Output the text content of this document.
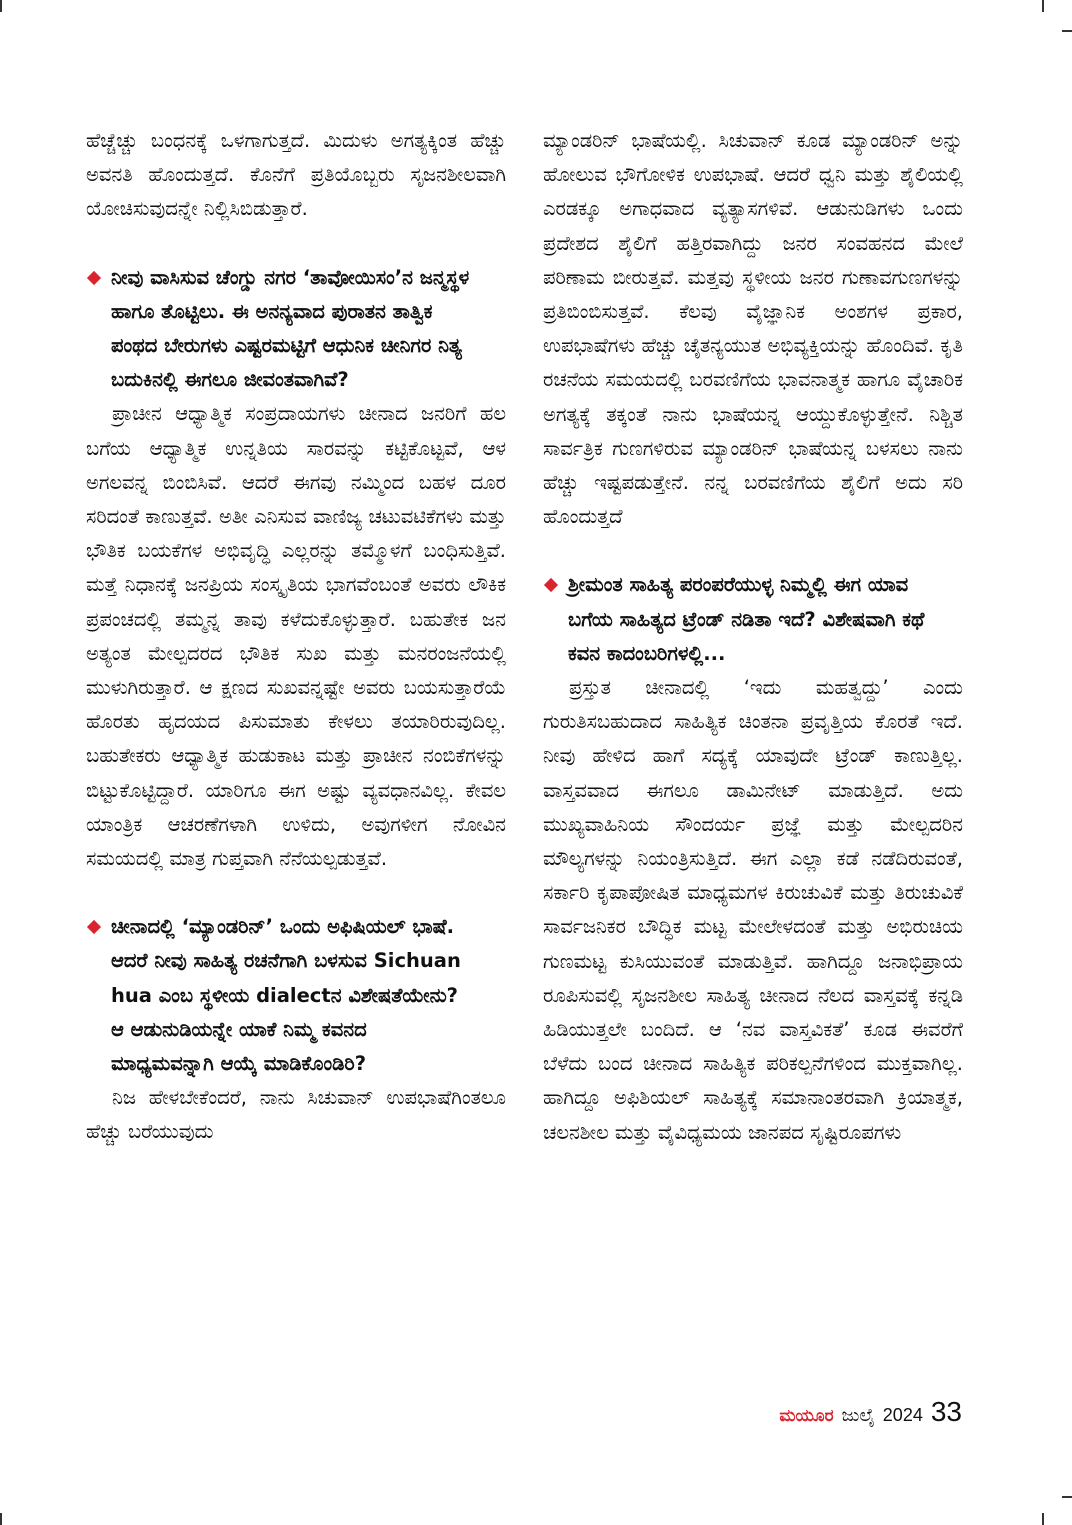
ಹೆಚ್ಚೆಚ್ಚು ಬಂಧನಕ್ಕೆ ಒಳಗಾಗುತ್ತದೆ. ಮಿದುಳು ಅಗತ್ಯಕ್ಕಿಂತ ಹೆಚ್ಚು ಅವನತಿ ಹೊಂದುತ್ತದೆ. ಕೊನೆಗೆ ಪ್ರತಿಯೊಬ್ಬರು ಸೃಜನಶೀಲವಾಗಿ ಯೋಚಿಸುವುದನ್ನೇ ನಿಲ್ಲಿಸಿಬಿಡುತ್ತಾರೆ.

ನೀವು ವಾಸಿಸುವ ಚೆಂಗ್ಡು ನಗರ ‘ತಾವೋಯಿಸಂ’ನ ಜನ್ಮಸ್ಥಳ ಹಾಗೂ ತೊಟ್ಟಿಲು. ಈ ಅನನ್ಯವಾದ ಪುರಾತನ ತಾತ್ವಿಕ ಪಂಥದ ಬೇರುಗಳು ಎಷ್ಟರಮಟ್ಟಿಗೆ ಆಧುನಿಕ ಚೀನಿಗರ ನಿತ್ಯ ಬದುಕಿನಲ್ಲಿ ಈಗಲೂ ಜೀವಂತವಾಗಿವೆ?

ಪ್ರಾಚೀನ ಆಧ್ಯಾತ್ಮಿಕ ಸಂಪ್ರದಾಯಗಳು ಚೀನಾದ ಜನರಿಗೆ ಹಲ ಬಗೆಯ ಆಧ್ಯಾತ್ಮಿಕ ಉನ್ನತಿಯ ಸಾರವನ್ನು ಕಟ್ಟಿಕೊಟ್ಟವೆ, ಆಳ ಅಗಲವನ್ನ ಬಿಂಬಿಸಿವೆ. ಆದರೆ ಈಗವು ನಮ್ಮಿಂದ ಬಹಳ ದೂರ ಸರಿದಂತೆ ಕಾಣುತ್ತವೆ. ಅತೀ ಎನಿಸುವ ವಾಣಿಜ್ಯ ಚಟುವಟಿಕೆಗಳು ಮತ್ತು ಭೌತಿಕ ಬಯಕೆಗಳ ಅಭಿವೃದ್ಧಿ ಎಲ್ಲರನ್ನು ತಮ್ಮೊಳಗೆ ಬಂಧಿಸುತ್ತಿವೆ. ಮತ್ತೆ ನಿಧಾನಕ್ಕೆ ಜನಪ್ರಿಯ ಸಂಸ್ಕೃತಿಯ ಭಾಗವೆಂಬಂತೆ ಅವರು ಲೌಕಿಕ ಪ್ರಪಂಚದಲ್ಲಿ ತಮ್ಮನ್ನ ತಾವು ಕಳೆದುಕೊಳ್ಳುತ್ತಾರೆ. ಬಹುತೇಕ ಜನ ಅತ್ಯಂತ ಮೇಲ್ಪದರದ ಭೌತಿಕ ಸುಖ ಮತ್ತು ಮನರಂಜನೆಯಲ್ಲಿ ಮುಳುಗಿರುತ್ತಾರೆ. ಆ ಕ್ಷಣದ ಸುಖವನ್ನಷ್ಟೇ ಅವರು ಬಯಸುತ್ತಾರೆಯೆ ಹೊರತು ಹೃದಯದ ಪಿಸುಮಾತು ಕೇಳಲು ತಯಾರಿರುವುದಿಲ್ಲ. ಬಹುತೇಕರು ಆಧ್ಯಾತ್ಮಿಕ ಹುಡುಕಾಟ ಮತ್ತು ಪ್ರಾಚೀನ ನಂಬಿಕೆಗಳನ್ನು ಬಿಟ್ಟುಕೊಟ್ಟಿದ್ದಾರೆ. ಯಾರಿಗೂ ಈಗ ಅಷ್ಟು ವ್ಯವಧಾನವಿಲ್ಲ. ಕೇವಲ ಯಾಂತ್ರಿಕ ಆಚರಣೆಗಳಾಗಿ ಉಳಿದು, ಅವುಗಳೀಗ ನೋವಿನ ಸಮಯದಲ್ಲಿ ಮಾತ್ರ ಗುಪ್ತವಾಗಿ ನೆನೆಯಲ್ಪಡುತ್ತವೆ.

ಚೀನಾದಲ್ಲಿ ‘ಮ್ಯಾಂಡರಿನ್’ ಒಂದು ಅಫಿಷಿಯಲ್ ಭಾಷೆ. ಆದರೆ ನೀವು ಸಾಹಿತ್ಯ ರಚನೆಗಾಗಿ ಬಳಸುವ Sichuan hua ಎಂಬ ಸ್ಥಳೀಯ dialectನ ವಿಶೇಷತೆಯೇನು? ಆ ಆಡುನುಡಿಯನ್ನೇ ಯಾಕೆ ನಿಮ್ಮ ಕವನದ ಮಾಧ್ಯಮವನ್ನಾಗಿ ಆಯ್ಕೆ ಮಾಡಿಕೊಂಡಿರಿ?

ನಿಜ ಹೇಳಬೇಕೆಂದರೆ, ನಾನು ಸಿಚುವಾನ್ ಉಪಭಾಷೆಗಿಂತಲೂ ಹೆಚ್ಚು ಬರೆಯುವುದು

ಮ್ಯಾಂಡರಿನ್ ಭಾಷೆಯಲ್ಲಿ. ಸಿಚುವಾನ್ ಕೂಡ ಮ್ಯಾಂಡರಿನ್ ಅನ್ನು ಹೋಲುವ ಭೌಗೋಳಿಕ ಉಪಭಾಷೆ. ಆದರೆ ಧ್ವನಿ ಮತ್ತು ಶೈಲಿಯಲ್ಲಿ ಎರಡಕ್ಕೂ ಅಗಾಧವಾದ ವ್ಯತ್ಯಾಸಗಳಿವೆ. ಆಡುನುಡಿಗಳು ಒಂದು ಪ್ರದೇಶದ ಶೈಲಿಗೆ ಹತ್ತಿರವಾಗಿದ್ದು ಜನರ ಸಂವಹನದ ಮೇಲೆ ಪರಿಣಾಮ ಬೀರುತ್ತವೆ. ಮತ್ತವು ಸ್ಥಳೀಯ ಜನರ ಗುಣಾವಗುಣಗಳನ್ನು ಪ್ರತಿಬಿಂಬಿಸುತ್ತವೆ. ಕೆಲವು ವೈಜ್ಞಾನಿಕ ಅಂಶಗಳ ಪ್ರಕಾರ, ಉಪಭಾಷೆಗಳು ಹೆಚ್ಚು ಚೈತನ್ಯಯುತ ಅಭಿವ್ಯಕ್ತಿಯನ್ನು ಹೊಂದಿವೆ. ಕೃತಿ ರಚನೆಯ ಸಮಯದಲ್ಲಿ ಬರವಣಿಗೆಯ ಭಾವನಾತ್ಮಕ ಹಾಗೂ ವೈಚಾರಿಕ ಅಗತ್ಯಕ್ಕೆ ತಕ್ಕಂತೆ ನಾನು ಭಾಷೆಯನ್ನ ಆಯ್ದುಕೊಳ್ಳುತ್ತೇನೆ. ನಿಶ್ಚಿತ ಸಾರ್ವತ್ರಿಕ ಗುಣಗಳಿರುವ ಮ್ಯಾಂಡರಿನ್ ಭಾಷೆಯನ್ನ ಬಳಸಲು ನಾನು ಹೆಚ್ಚು ಇಷ್ಟಪಡುತ್ತೇನೆ. ನನ್ನ ಬರವಣಿಗೆಯ ಶೈಲಿಗೆ ಅದು ಸರಿ ಹೊಂದುತ್ತದೆ

ಶ್ರೀಮಂತ ಸಾಹಿತ್ಯ ಪರಂಪರೆಯುಳ್ಳ ನಿಮ್ಮಲ್ಲಿ ಈಗ ಯಾವ ಬಗೆಯ ಸಾಹಿತ್ಯದ ಟ್ರೆಂಡ್ ನಡಿತಾ ಇದೆ? ವಿಶೇಷವಾಗಿ ಕಥೆ ಕವನ ಕಾದಂಬರಿಗಳಲ್ಲಿ...

ಪ್ರಸ್ತುತ ಚೀನಾದಲ್ಲಿ ‘ಇದು ಮಹತ್ವದ್ದು’ ಎಂದು ಗುರುತಿಸಬಹುದಾದ ಸಾಹಿತ್ಯಿಕ ಚಿಂತನಾ ಪ್ರವೃತ್ತಿಯ ಕೊರತೆ ಇದೆ. ನೀವು ಹೇಳಿದ ಹಾಗೆ ಸದ್ಯಕ್ಕೆ ಯಾವುದೇ ಟ್ರೆಂಡ್ ಕಾಣುತ್ತಿಲ್ಲ. ವಾಸ್ತವವಾದ ಈಗಲೂ ಡಾಮಿನೇಟ್ ಮಾಡುತ್ತಿದೆ. ಅದು ಮುಖ್ಯವಾಹಿನಿಯ ಸೌಂದರ್ಯ ಪ್ರಜ್ಞೆ ಮತ್ತು ಮೇಲ್ಪದರಿನ ಮೌಲ್ಯಗಳನ್ನು ನಿಯಂತ್ರಿಸುತ್ತಿದೆ. ಈಗ ಎಲ್ಲಾ ಕಡೆ ನಡೆದಿರುವಂತೆ, ಸರ್ಕಾರಿ ಕೃಪಾಪೋಷಿತ ಮಾಧ್ಯಮಗಳ ಕಿರುಚುವಿಕೆ ಮತ್ತು ತಿರುಚುವಿಕೆ ಸಾರ್ವಜನಿಕರ ಬೌದ್ಧಿಕ ಮಟ್ಟ ಮೇಲೇಳದಂತೆ ಮತ್ತು ಅಭಿರುಚಿಯ ಗುಣಮಟ್ಟ ಕುಸಿಯುವಂತೆ ಮಾಡುತ್ತಿವೆ. ಹಾಗಿದ್ದೂ ಜನಾಭಿಪ್ರಾಯ ರೂಪಿಸುವಲ್ಲಿ ಸೃಜನಶೀಲ ಸಾಹಿತ್ಯ ಚೀನಾದ ನೆಲದ ವಾಸ್ತವಕ್ಕೆ ಕನ್ನಡಿ ಹಿಡಿಯುತ್ತಲೇ ಬಂದಿದೆ. ಆ ‘ನವ ವಾಸ್ತವಿಕತೆ’ ಕೂಡ ಈವರೆಗೆ ಬೆಳೆದು ಬಂದ ಚೀನಾದ ಸಾಹಿತ್ಯಿಕ ಪರಿಕಲ್ಪನೆಗಳಿಂದ ಮುಕ್ತವಾಗಿಲ್ಲ. ಹಾಗಿದ್ದೂ ಅಫಿಶಿಯಲ್ ಸಾಹಿತ್ಯಕ್ಕೆ ಸಮಾನಾಂತರವಾಗಿ ಕ್ರಿಯಾತ್ಮಕ, ಚಲನಶೀಲ ಮತ್ತು ವೈವಿಧ್ಯಮಯ ಜಾನಪದ ಸೃಷ್ಟಿರೂಪಗಳು

ಮಯೂರ ಜುಲೈ 2024 33
